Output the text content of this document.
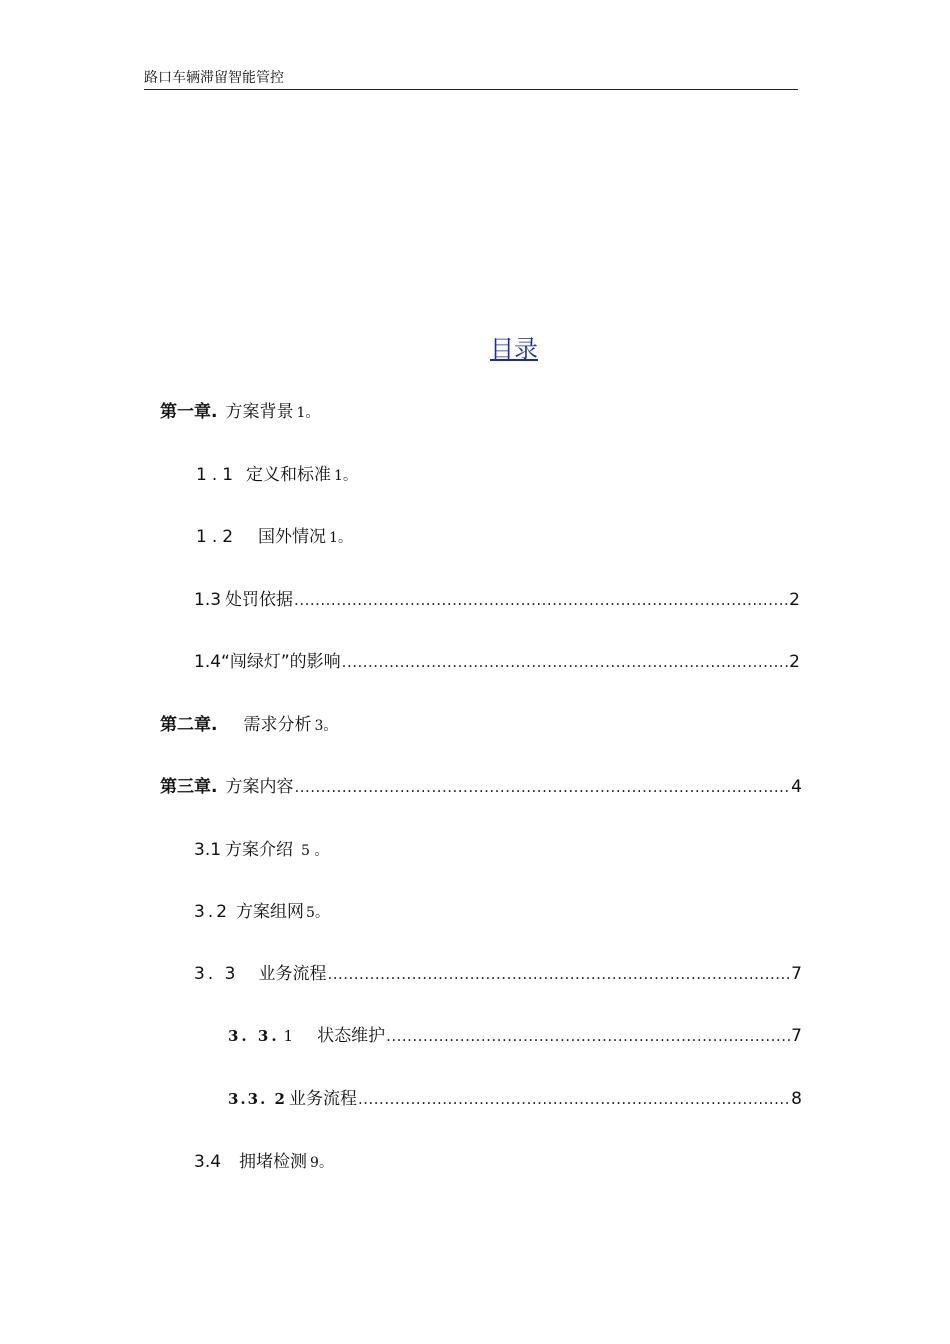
路口车辆滞留智能管控
目录
第一章. 方案背景 1。
1.1 定义和标准 1。
1.2 国外情况 1。
1.3 处罚依据 .....	2
1.4 “闯绿灯”的影响 .....	2
第二章. 需求分析 3。
第三章. 方案内容 .....	4
3.1 方案介绍 5 。
3.2 方案组网 5。
3. 3 业务流程 .....	7
3. 3. 1 状态维护 .....	7
3.3. 2 业务流程 .....	8
3.4 拥堵检测 9。
